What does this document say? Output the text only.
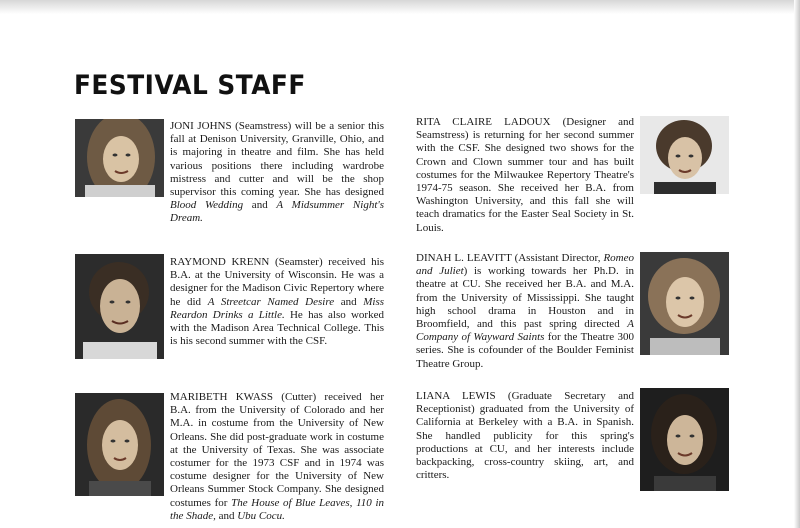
FESTIVAL STAFF

JONI JOHNS (Seamstress) will be a senior this fall at Denison University, Granville, Ohio, and is majoring in theatre and film. She has held various positions there including wardrobe mistress and cutter and will be the shop supervisor this coming year. She has designed Blood Wedding and A Midsummer Night's Dream.

RITA CLAIRE LADOUX (Designer and Seamstress) is returning for her second summer with the CSF. She designed two shows for the Crown and Clown summer tour and has built costumes for the Milwaukee Repertory Theatre's 1974-75 season. She received her B.A. from Washington University, and this fall she will teach dramatics for the Easter Seal Society in St. Louis.

RAYMOND KRENN (Seamster) received his B.A. at the University of Wisconsin. He was a designer for the Madison Civic Repertory where he did A Streetcar Named Desire and Miss Reardon Drinks a Little. He has also worked with the Madison Area Technical College. This is his second summer with the CSF.

DINAH L. LEAVITT (Assistant Director, Romeo and Juliet) is working towards her Ph.D. in theatre at CU. She received her B.A. and M.A. from the University of Mississippi. She taught high school drama in Houston and in Broomfield, and this past spring directed A Company of Wayward Saints for the Theatre 300 series. She is cofounder of the Boulder Feminist Theatre Group.

MARIBETH KWASS (Cutter) received her B.A. from the University of Colorado and her M.A. in costume from the University of New Orleans. She did post-graduate work in costume at the University of Texas. She was associate costumer for the 1973 CSF and in 1974 was costume designer for the University of New Orleans Summer Stock Company. She designed costumes for The House of Blue Leaves, 110 in the Shade, and Ubu Cocu.

LIANA LEWIS (Graduate Secretary and Receptionist) graduated from the University of California at Berkeley with a B.A. in Spanish. She handled publicity for this spring's productions at CU, and her interests include backpacking, cross-country skiing, art, and critters.
